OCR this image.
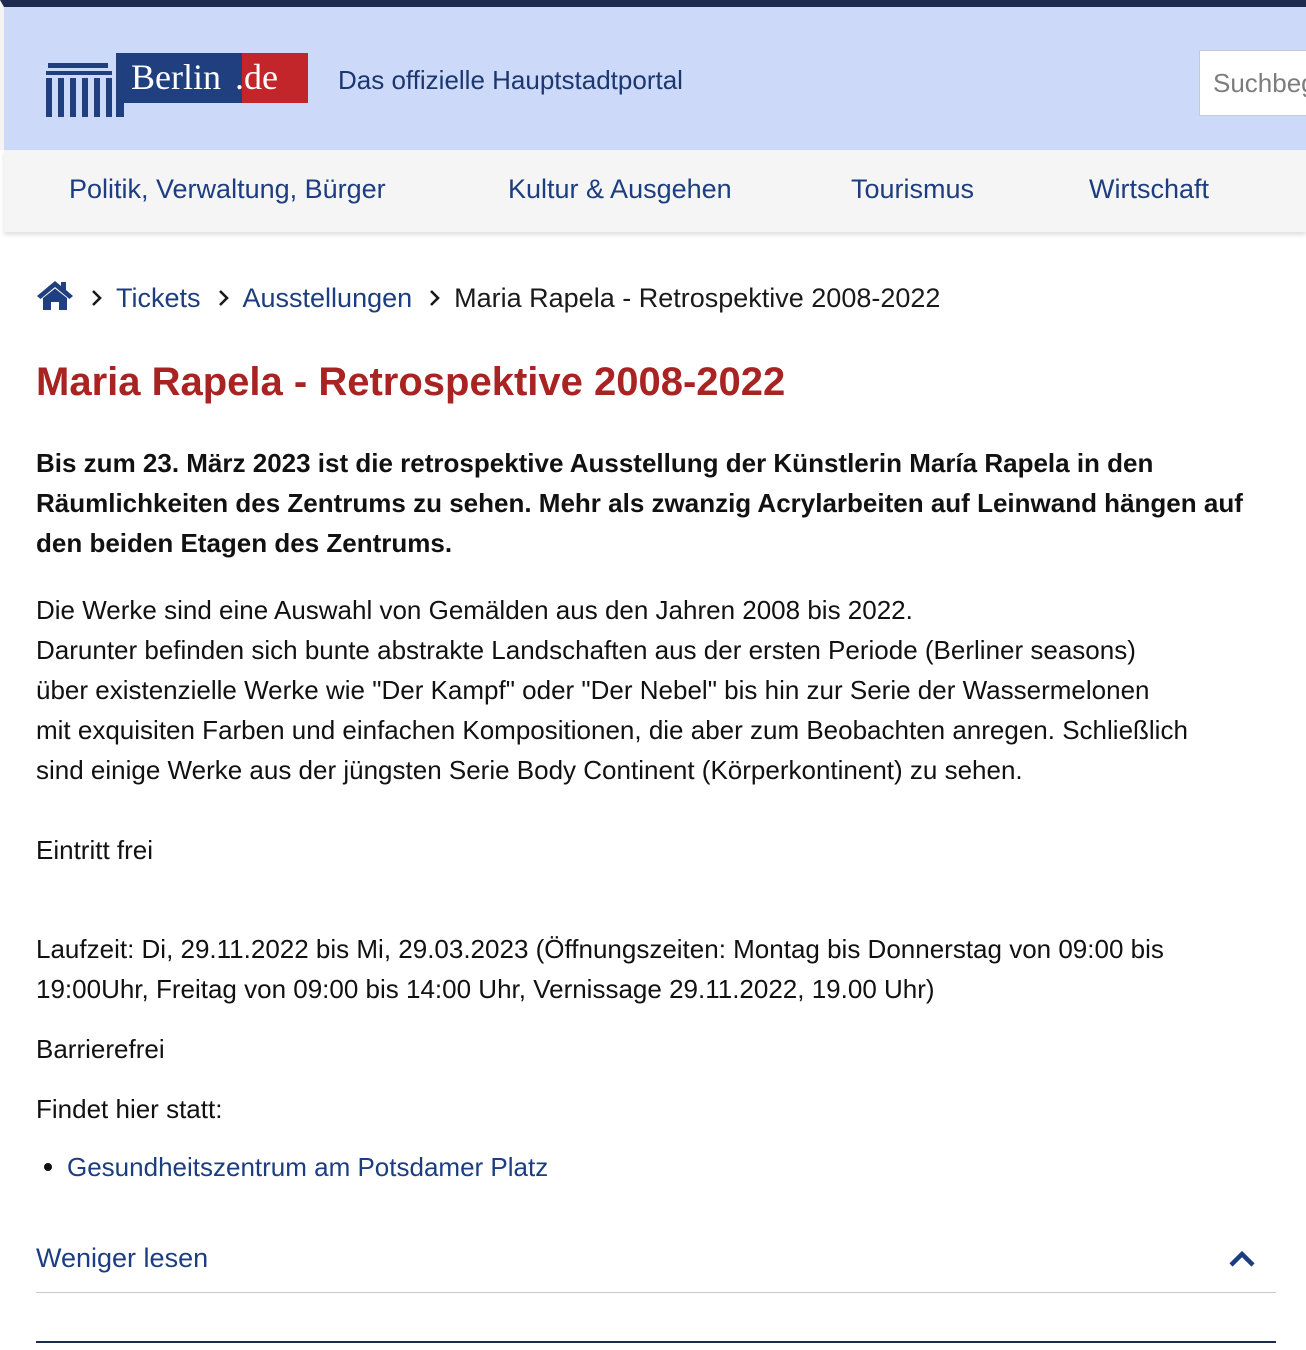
Berlin .de Das offizielle Hauptstadtportal
Suchbegriff
Politik, Verwaltung, Bürger	Kultur & Ausgehen	Tourismus	Wirtschaft
Tickets Ausstellungen Maria Rapela - Retrospektive 2008-2022
Maria Rapela - Retrospektive 2008-2022

Bis zum 23. März 2023 ist die retrospektive Ausstellung der Künstlerin María Rapela in den Räumlichkeiten des Zentrums zu sehen. Mehr als zwanzig Acrylarbeiten auf Leinwand hängen auf den beiden Etagen des Zentrums.

Die Werke sind eine Auswahl von Gemälden aus den Jahren 2008 bis 2022.

Darunter befinden sich bunte abstrakte Landschaften aus der ersten Periode (Berliner seasons)

über existenzielle Werke wie "Der Kampf" oder "Der Nebel" bis hin zur Serie der Wassermelonen

mit exquisiten Farben und einfachen Kompositionen, die aber zum Beobachten anregen. Schließlich

sind einige Werke aus der jüngsten Serie Body Continent (Körperkontinent) zu sehen.

Eintritt frei

Laufzeit: Di, 29.11.2022 bis Mi, 29.03.2023 (Öffnungszeiten: Montag bis Donnerstag von 09:00 bis 19:00Uhr, Freitag von 09:00 bis 14:00 Uhr, Vernissage 29.11.2022, 19.00 Uhr)

Barrierefrei

Findet hier statt:

Gesundheitszentrum am Potsdamer Platz
Weniger lesen
